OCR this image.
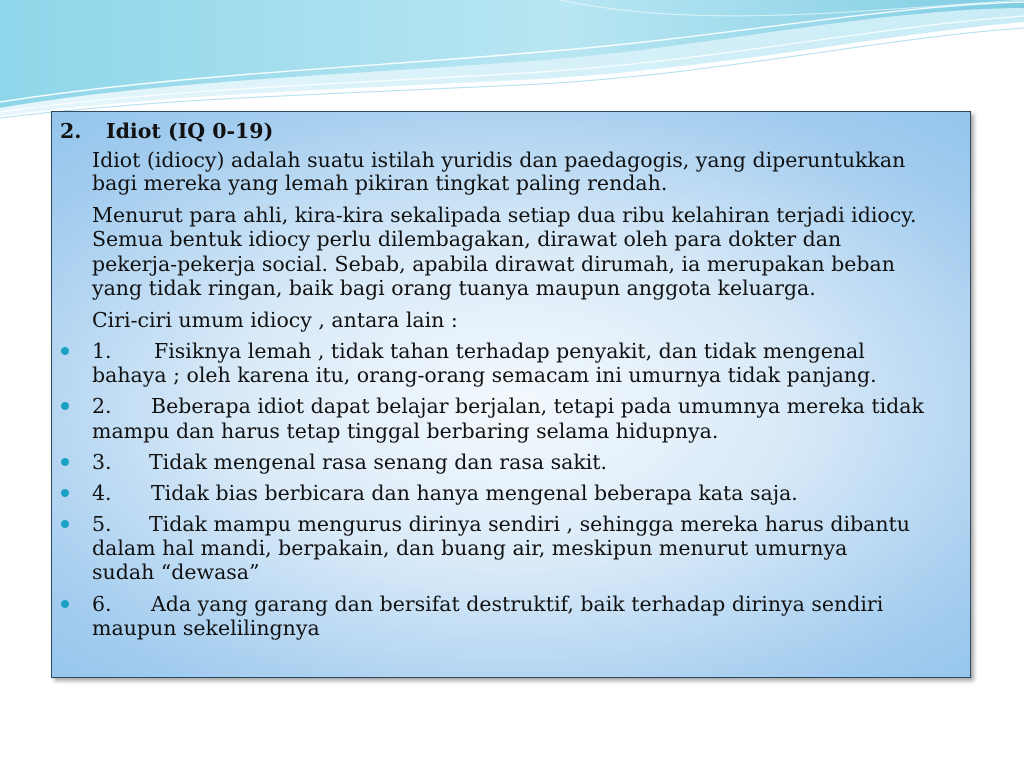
2. Idiot (IQ 0-19)
Idiot (idiocy) adalah suatu istilah yuridis dan paedagogis, yang diperuntukkan
bagi mereka yang lemah pikiran tingkat paling rendah.
Menurut para ahli, kira-kira sekalipada setiap dua ribu kelahiran terjadi idiocy.
Semua bentuk idiocy perlu dilembagakan, dirawat oleh para dokter dan
pekerja-pekerja social. Sebab, apabila dirawat dirumah, ia merupakan beban
yang tidak ringan, baik bagi orang tuanya maupun anggota keluarga.
Ciri-ciri umum idiocy , antara lain :
1. Fisiknya lemah , tidak tahan terhadap penyakit, dan tidak mengenal
bahaya ; oleh karena itu, orang-orang semacam ini umurnya tidak panjang.
2. Beberapa idiot dapat belajar berjalan, tetapi pada umumnya mereka tidak
mampu dan harus tetap tinggal berbaring selama hidupnya.
3. Tidak mengenal rasa senang dan rasa sakit.
4. Tidak bias berbicara dan hanya mengenal beberapa kata saja.
5. Tidak mampu mengurus dirinya sendiri , sehingga mereka harus dibantu
dalam hal mandi, berpakain, dan buang air, meskipun menurut umurnya
sudah “dewasa”
6. Ada yang garang dan bersifat destruktif, baik terhadap dirinya sendiri
maupun sekelilingnya
